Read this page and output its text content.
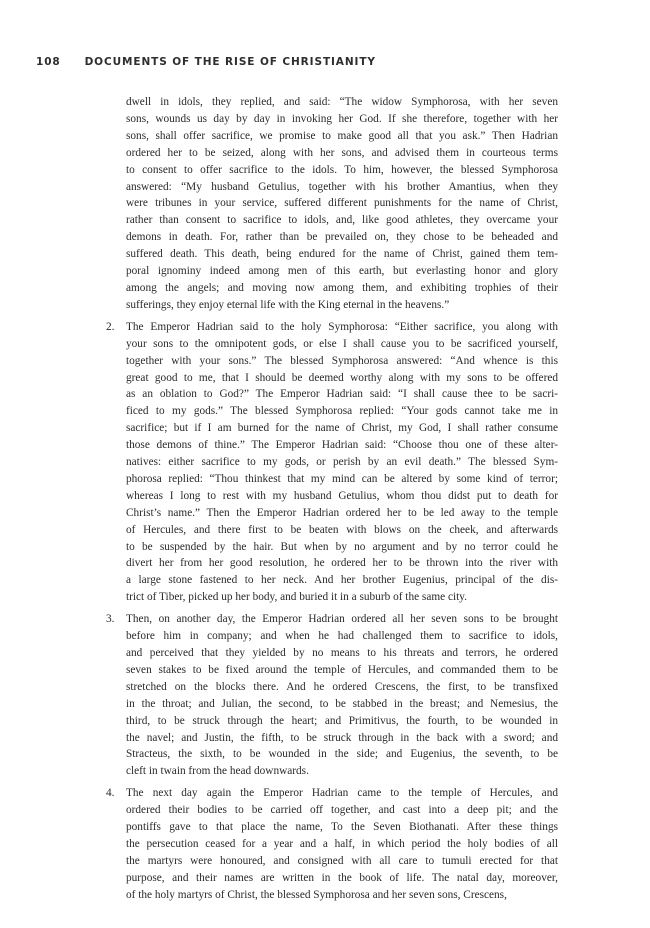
108 DOCUMENTS OF THE RISE OF CHRISTIANITY
dwell in idols, they replied, and said: “The widow Symphorosa, with her seven
sons, wounds us day by day in invoking her God. If she therefore, together with her
sons, shall offer sacrifice, we promise to make good all that you ask.” Then Hadrian
ordered her to be seized, along with her sons, and advised them in courteous terms
to consent to offer sacrifice to the idols. To him, however, the blessed Symphorosa
answered: “My husband Getulius, together with his brother Amantius, when they
were tribunes in your service, suffered different punishments for the name of Christ,
rather than consent to sacrifice to idols, and, like good athletes, they overcame your
demons in death. For, rather than be prevailed on, they chose to be beheaded and
suffered death. This death, being endured for the name of Christ, gained them tem-
poral ignominy indeed among men of this earth, but everlasting honor and glory
among the angels; and moving now among them, and exhibiting trophies of their
sufferings, they enjoy eternal life with the King eternal in the heavens.”
2. The Emperor Hadrian said to the holy Symphorosa: “Either sacrifice, you along with
your sons to the omnipotent gods, or else I shall cause you to be sacrificed yourself,
together with your sons.” The blessed Symphorosa answered: “And whence is this
great good to me, that I should be deemed worthy along with my sons to be offered
as an oblation to God?” The Emperor Hadrian said: “I shall cause thee to be sacri-
ficed to my gods.” The blessed Symphorosa replied: “Your gods cannot take me in
sacrifice; but if I am burned for the name of Christ, my God, I shall rather consume
those demons of thine.” The Emperor Hadrian said: “Choose thou one of these alter-
natives: either sacrifice to my gods, or perish by an evil death.” The blessed Sym-
phorosa replied: “Thou thinkest that my mind can be altered by some kind of terror;
whereas I long to rest with my husband Getulius, whom thou didst put to death for
Christ’s name.” Then the Emperor Hadrian ordered her to be led away to the temple
of Hercules, and there first to be beaten with blows on the cheek, and afterwards
to be suspended by the hair. But when by no argument and by no terror could he
divert her from her good resolution, he ordered her to be thrown into the river with
a large stone fastened to her neck. And her brother Eugenius, principal of the dis-
trict of Tiber, picked up her body, and buried it in a suburb of the same city.
3. Then, on another day, the Emperor Hadrian ordered all her seven sons to be brought
before him in company; and when he had challenged them to sacrifice to idols,
and perceived that they yielded by no means to his threats and terrors, he ordered
seven stakes to be fixed around the temple of Hercules, and commanded them to be
stretched on the blocks there. And he ordered Crescens, the first, to be transfixed
in the throat; and Julian, the second, to be stabbed in the breast; and Nemesius, the
third, to be struck through the heart; and Primitivus, the fourth, to be wounded in
the navel; and Justin, the fifth, to be struck through in the back with a sword; and
Stracteus, the sixth, to be wounded in the side; and Eugenius, the seventh, to be
cleft in twain from the head downwards.
4. The next day again the Emperor Hadrian came to the temple of Hercules, and
ordered their bodies to be carried off together, and cast into a deep pit; and the
pontiffs gave to that place the name, To the Seven Biothanati. After these things
the persecution ceased for a year and a half, in which period the holy bodies of all
the martyrs were honoured, and consigned with all care to tumuli erected for that
purpose, and their names are written in the book of life. The natal day, moreover,
of the holy martyrs of Christ, the blessed Symphorosa and her seven sons, Crescens,
